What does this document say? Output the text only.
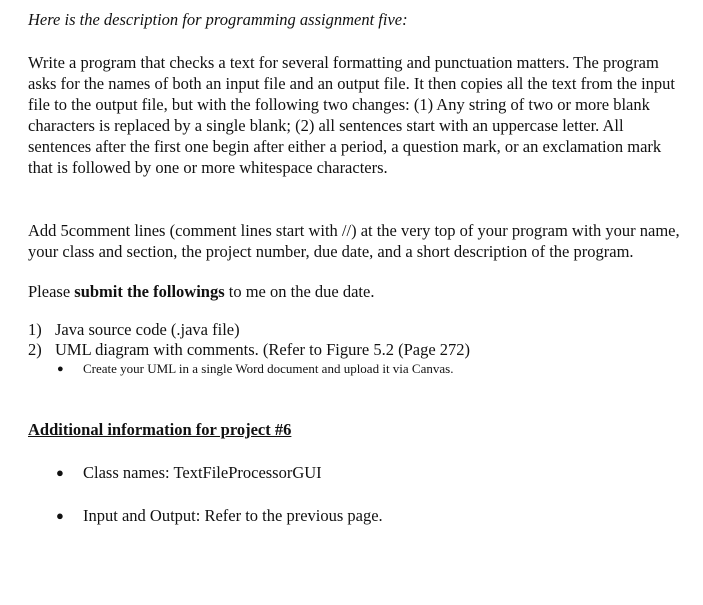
Here is the description for programming assignment five:

Write a program that checks a text for several formatting and punctuation matters. The program asks for the names of both an input file and an output file. It then copies all the text from the input file to the output file, but with the following two changes: (1) Any string of two or more blank characters is replaced by a single blank; (2) all sentences start with an uppercase letter. All sentences after the first one begin after either a period, a question mark, or an exclamation mark that is followed by one or more whitespace characters.

Add 5comment lines (comment lines start with //) at the very top of your program with your name, your class and section, the project number, due date, and a short description of the program.

Please submit the followings to me on the due date.

1) Java source code (.java file)
2) UML diagram with comments. (Refer to Figure 5.2 (Page 272)
●	Create your UML in a single Word document and upload it via Canvas.
Additional information for project #6
●	Class names: TextFileProcessorGUI
●	Input and Output: Refer to the previous page.
